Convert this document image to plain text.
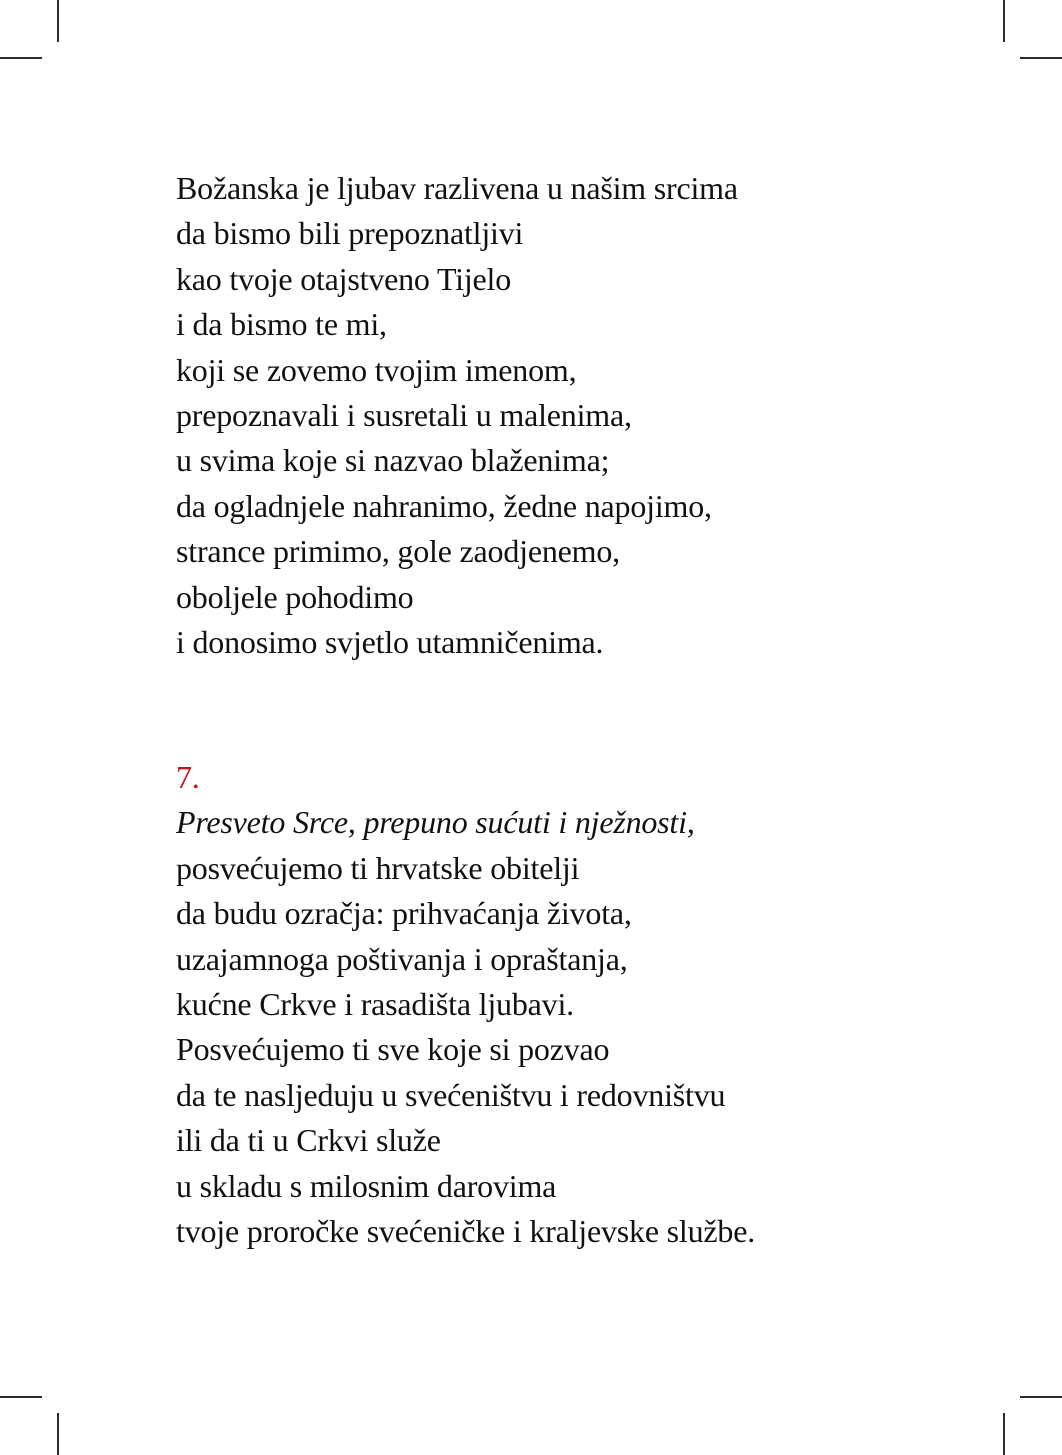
Božanska je ljubav razlivena u našim srcima
da bismo bili prepoznatljivi
kao tvoje otajstveno Tijelo
i da bismo te mi,
koji se zovemo tvojim imenom,
prepoznavali i susretali u malenima,
u svima koje si nazvao blaženima;
da ogladnjele nahranimo, žedne napojimo,
strance primimo, gole zaodjenemo,
oboljele pohodimo
i donosimo svjetlo utamničenima.
7.
Presveto Srce, prepuno sućuti i nježnosti,
posvećujemo ti hrvatske obitelji
da budu ozračja: prihvaćanja života,
uzajamnoga poštivanja i opraštanja,
kućne Crkve i rasadišta ljubavi.
Posvećujemo ti sve koje si pozvao
da te nasljeduju u svećeništvu i redovništvu
ili da ti u Crkvi služe
u skladu s milosnim darovima
tvoje proročke svećeničke i kraljevske službe.
